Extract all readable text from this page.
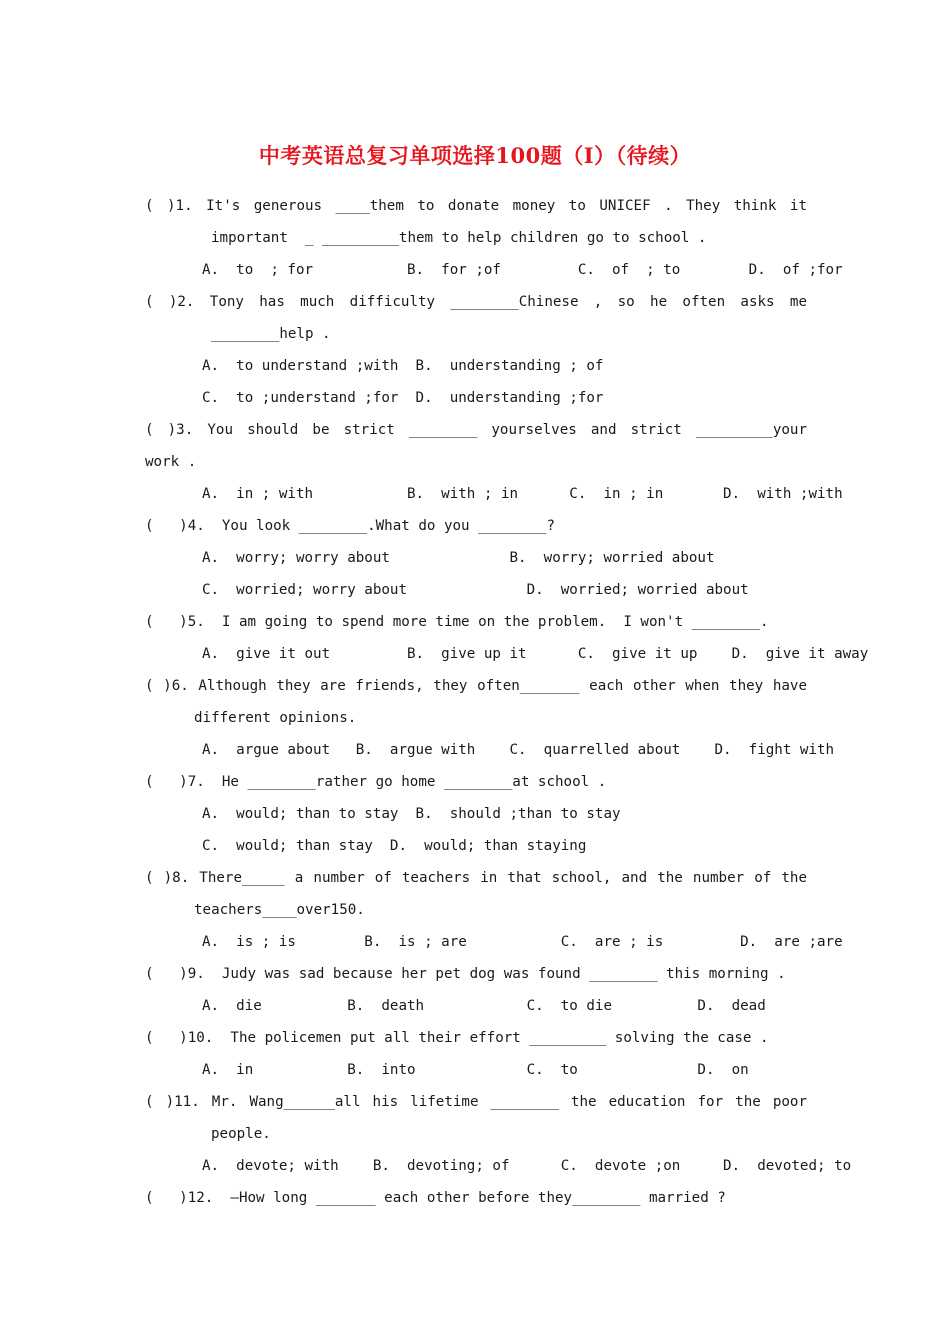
中考英语总复习单项选择100题（Ⅰ）（待续）
( )1. It's generous ____them to donate money to UNICEF . They think it
important  _ _________them to help children go to school .
A.  to  ; for           B.  for ;of         C.  of  ; to        D.  of ;for
( )2. Tony has much difficulty ________Chinese , so he often asks me
________help .
A.  to understand ;with  B.  understanding ; of
C.  to ;understand ;for  D.  understanding ;for
( )3. You should be strict ________ yourselves and strict _________your
work .
A.  in ; with           B.  with ; in      C.  in ; in       D.  with ;with
(   )4.  You look ________.What do you ________?
A.  worry; worry about              B.  worry; worried about
C.  worried; worry about              D.  worried; worried about
(   )5.  I am going to spend more time on the problem.  I won't ________.
A.  give it out         B.  give up it      C.  give it up    D.  give it away
( )6. Although they are friends, they often_______ each other when they have
different opinions.
A.  argue about   B.  argue with    C.  quarrelled about    D.  fight with
(   )7.  He ________rather go home ________at school .
A.  would; than to stay  B.  should ;than to stay
C.  would; than stay  D.  would; than staying
( )8. There_____ a number of teachers in that school, and the number of the
teachers____over150.
A.  is ; is        B.  is ; are           C.  are ; is         D.  are ;are
(   )9.  Judy was sad because her pet dog was found ________ this morning .
A.  die          B.  death            C.  to die          D.  dead
(   )10.  The policemen put all their effort _________ solving the case .
A.  in           B.  into             C.  to              D.  on
( )11. Mr. Wang______all his lifetime ________ the education for the poor
people.
A.  devote; with    B.  devoting; of      C.  devote ;on     D.  devoted; to
(   )12.  —How long _______ each other before they________ married ?
